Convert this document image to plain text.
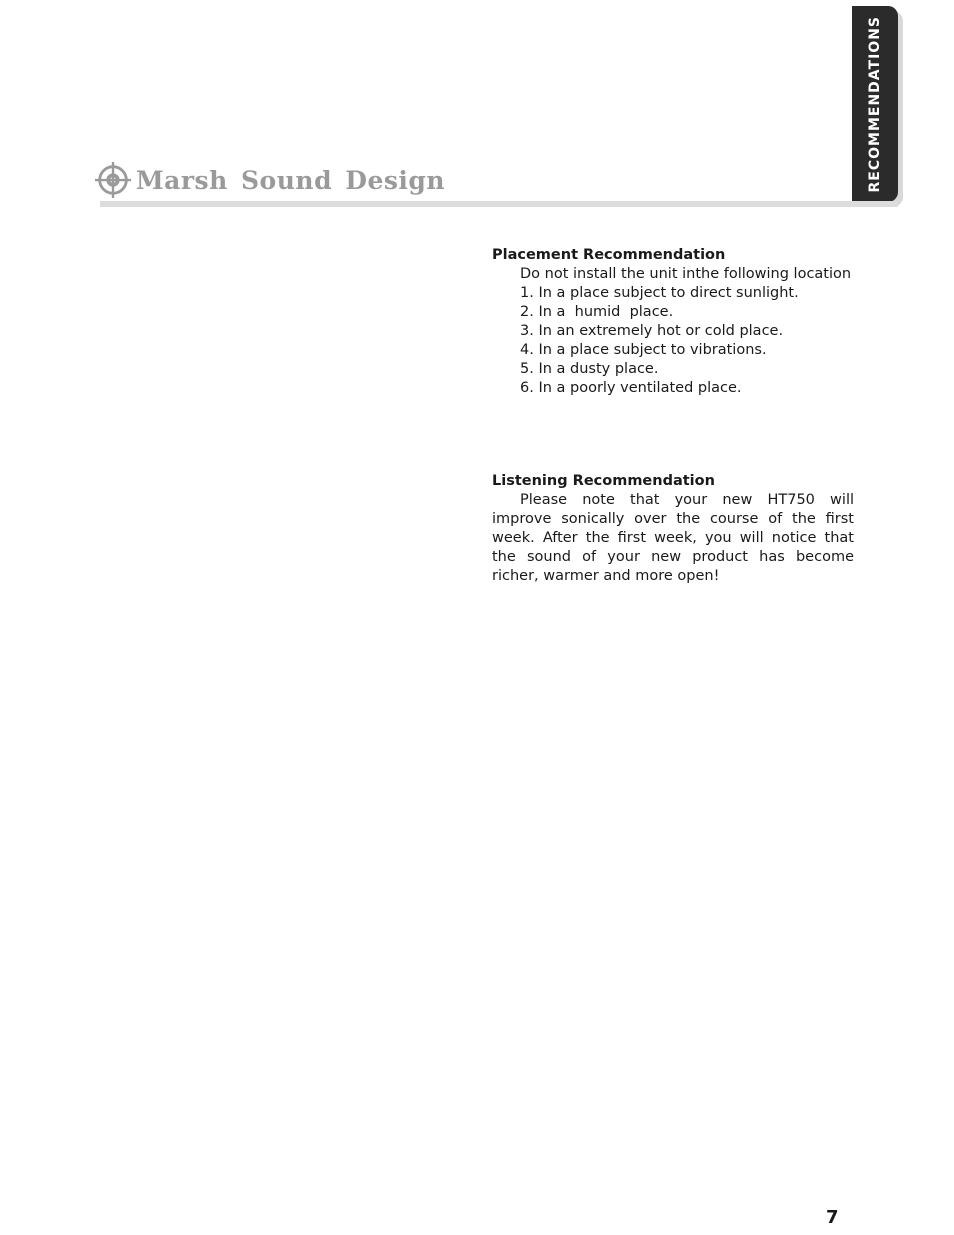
RECOMMENDATIONS
Marsh Sound Design

Placement Recommendation

Do not install the unit inthe following location

1. In a place subject to direct sunlight.

2. In a  humid  place.

3. In an extremely hot or cold place.

4. In a place subject to vibrations.

5. In a dusty place.

6. In a poorly ventilated place.

Listening Recommendation

Please note that your new HT750 will improve sonically over the course of the first week. After the first week, you will notice that the sound of your new product has become richer, warmer and more open!

7
